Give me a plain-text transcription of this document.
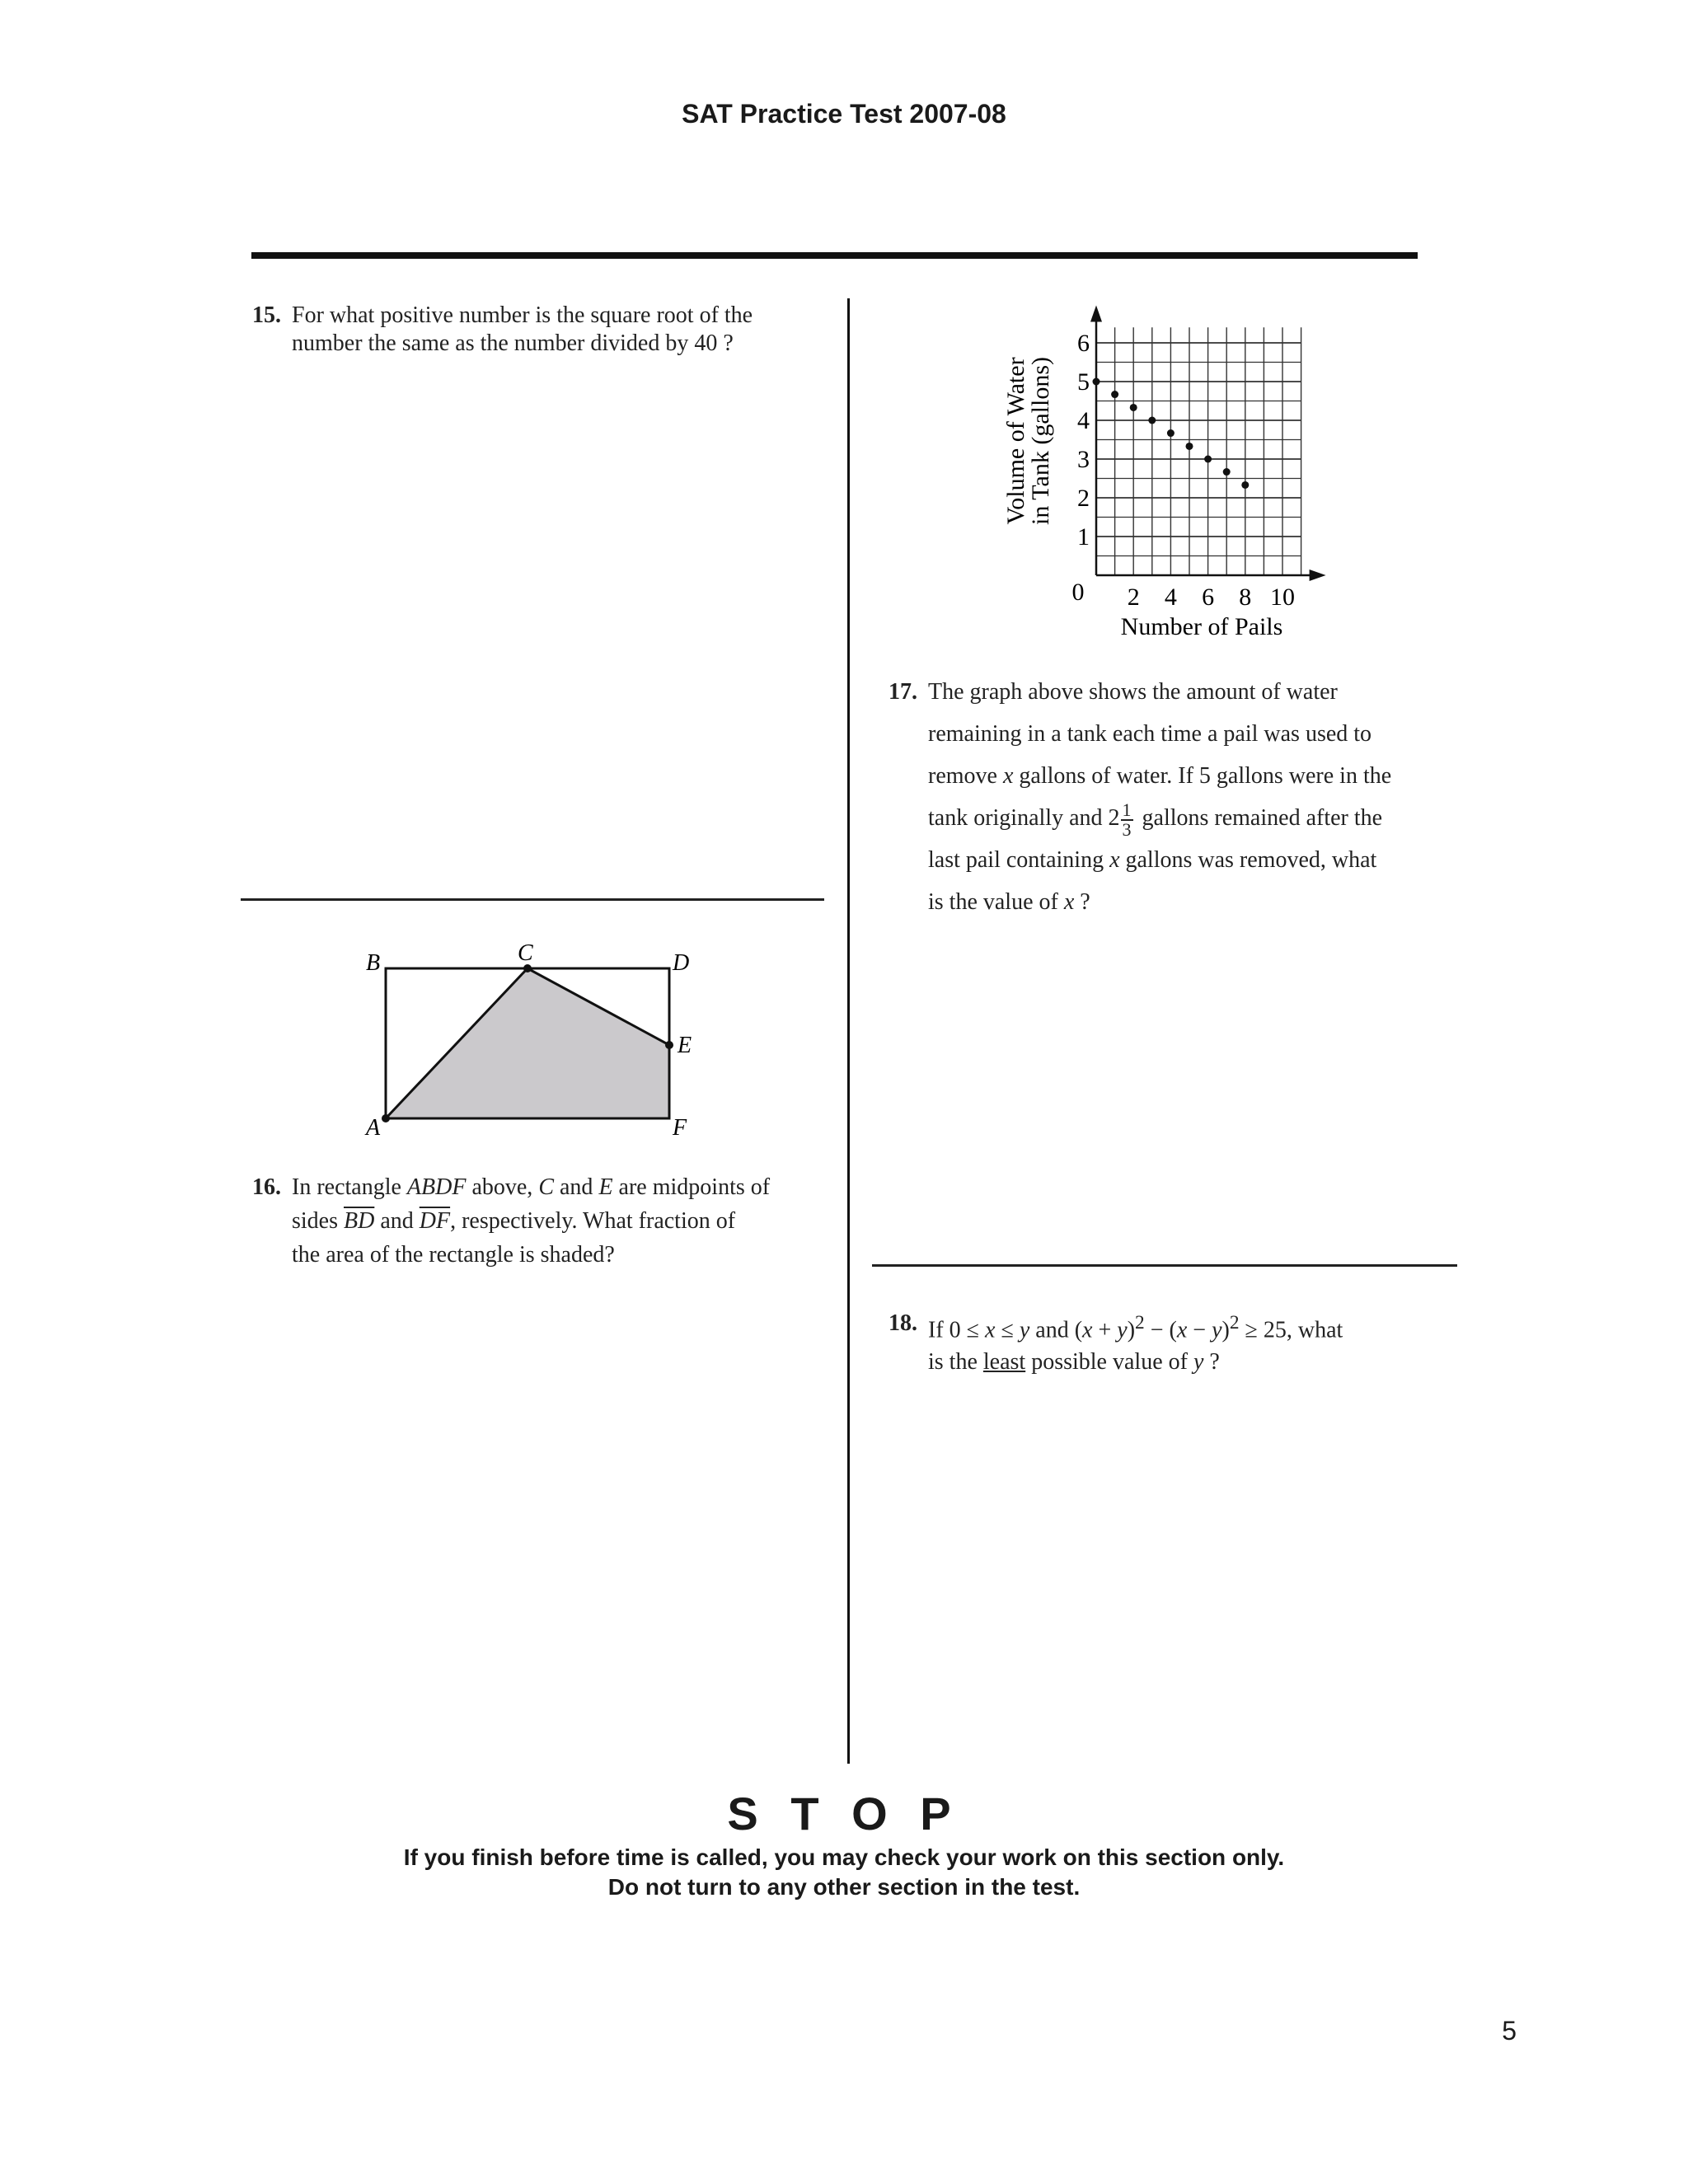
SAT Practice Test 2007-08
15. For what positive number is the square root of the
number the same as the number divided by 40 ?
2 4 6 8 10
1
2
3
4
5
6
0
Number of Pails
Volume of Water
in Tank (gallons)
17. The graph above shows the amount of water
remaining in a tank each time a pail was used to
remove x gallons of water. If 5 gallons were in the
tank originally and $2 \frac{1}{3}$ gallons remained after the
last pail containing x gallons was removed, what
is the value of x ?
B	C	D
E
A	F
16. In rectangle ABDF above, C and E are midpoints of
sides $\overline{BD}$ and $\overline{DF}$, respectively. What fraction of
the area of the rectangle is shaded?
18. If 0 ≤ x ≤ y and $(x + y)^2 - (x - y)^2 \ge 25$, what
is the least possible value of y ?
S T O P
If you finish before time is called, you may check your work on this section only.
Do not turn to any other section in the test.
5
